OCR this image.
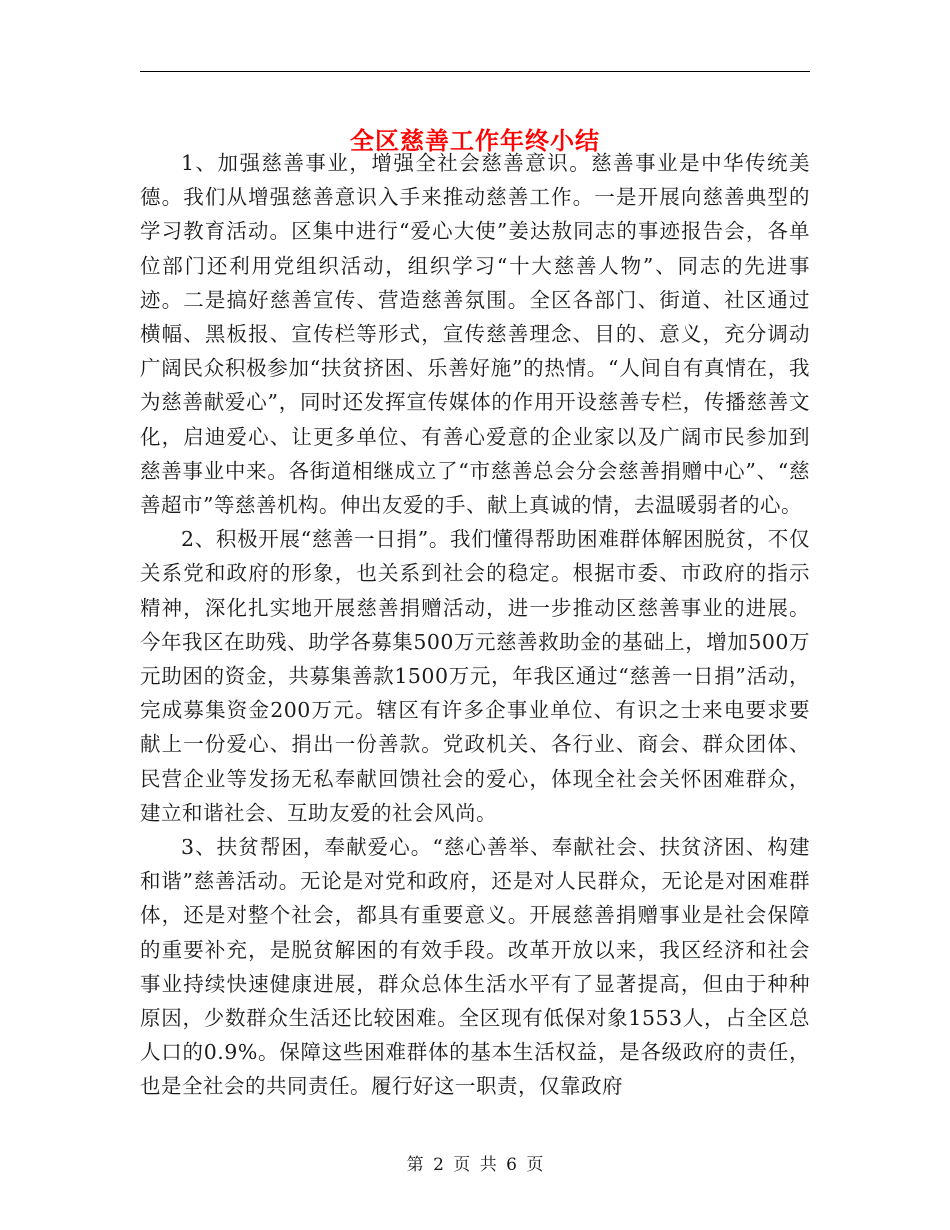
全区慈善工作年终小结

1、加强慈善事业，增强全社会慈善意识。慈善事业是中华传统美德。我们从增强慈善意识入手来推动慈善工作。一是开展向慈善典型的学习教育活动。区集中进行“爱心大使”姜达敖同志的事迹报告会，各单位部门还利用党组织活动，组织学习“十大慈善人物”、同志的先进事迹。二是搞好慈善宣传、营造慈善氛围。全区各部门、街道、社区通过横幅、黑板报、宣传栏等形式，宣传慈善理念、目的、意义，充分调动广阔民众积极参加“扶贫挤困、乐善好施”的热情。“人间自有真情在，我为慈善献爱心”，同时还发挥宣传媒体的作用开设慈善专栏，传播慈善文化，启迪爱心、让更多单位、有善心爱意的企业家以及广阔市民参加到慈善事业中来。各街道相继成立了“市慈善总会分会慈善捐赠中心”、“慈善超市”等慈善机构。伸出友爱的手、献上真诚的情，去温暖弱者的心。

2、积极开展“慈善一日捐”。我们懂得帮助困难群体解困脱贫，不仅关系党和政府的形象，也关系到社会的稳定。根据市委、市政府的指示精神，深化扎实地开展慈善捐赠活动，进一步推动区慈善事业的进展。今年我区在助残、助学各募集500万元慈善救助金的基础上，增加500万元助困的资金，共募集善款1500万元，年我区通过“慈善一日捐”活动，完成募集资金200万元。辖区有许多企事业单位、有识之士来电要求要献上一份爱心、捐出一份善款。党政机关、各行业、商会、群众团体、民营企业等发扬无私奉献回馈社会的爱心，体现全社会关怀困难群众，建立和谐社会、互助友爱的社会风尚。

3、扶贫帮困，奉献爱心。“慈心善举、奉献社会、扶贫济困、构建和谐”慈善活动。无论是对党和政府，还是对人民群众，无论是对困难群体，还是对整个社会，都具有重要意义。开展慈善捐赠事业是社会保障的重要补充，是脱贫解困的有效手段。改革开放以来，我区经济和社会事业持续快速健康进展，群众总体生活水平有了显著提高，但由于种种原因，少数群众生活还比较困难。全区现有低保对象1553人，占全区总人口的0.9%。保障这些困难群体的基本生活权益，是各级政府的责任，也是全社会的共同责任。履行好这一职责，仅靠政府

第 2 页 共 6 页
